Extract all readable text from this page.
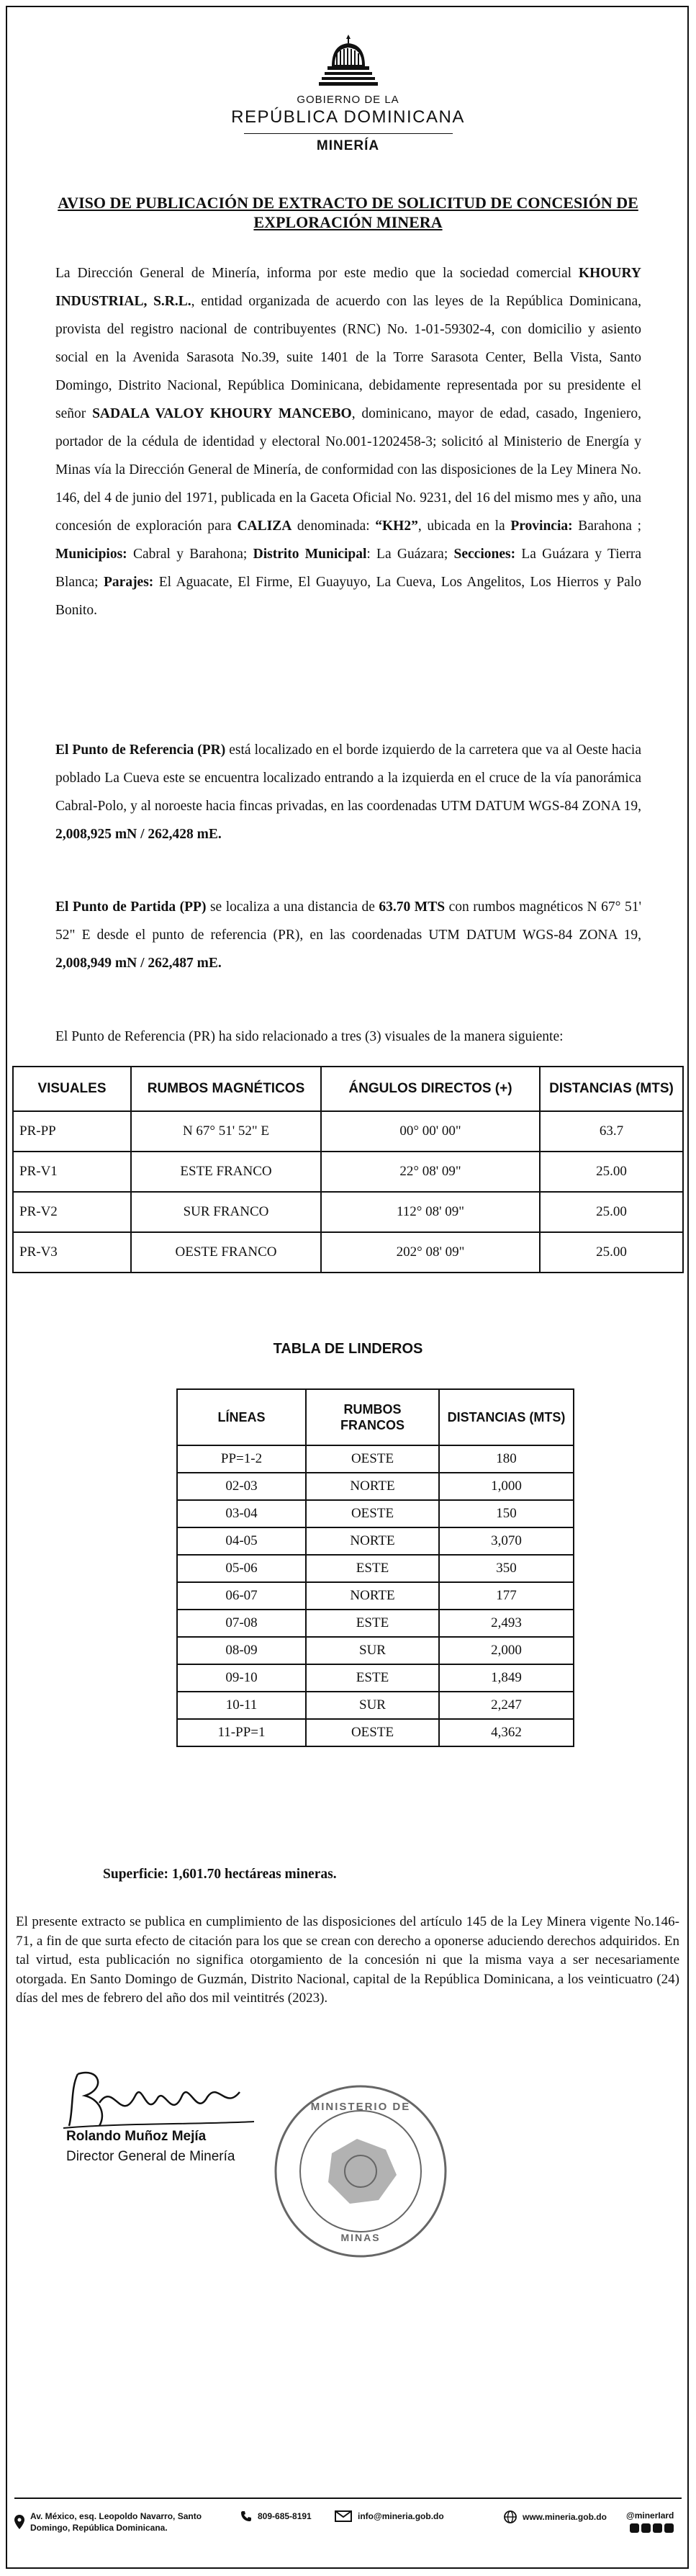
GOBIERNO DE LA
REPÚBLICA DOMINICANA
MINERÍA
AVISO DE PUBLICACIÓN DE EXTRACTO DE SOLICITUD DE CONCESIÓN DE
EXPLORACIÓN MINERA
La Dirección General de Minería, informa por este medio que la sociedad comercial KHOURY INDUSTRIAL, S.R.L., entidad organizada de acuerdo con las leyes de la República Dominicana, provista del registro nacional de contribuyentes (RNC) No. 1-01-59302-4, con domicilio y asiento social en la Avenida Sarasota No.39, suite 1401 de la Torre Sarasota Center, Bella Vista, Santo Domingo, Distrito Nacional, República Dominicana, debidamente representada por su presidente el señor SADALA VALOY KHOURY MANCEBO, dominicano, mayor de edad, casado, Ingeniero, portador de la cédula de identidad y electoral No.001-1202458-3; solicitó al Ministerio de Energía y Minas vía la Dirección General de Minería, de conformidad con las disposiciones de la Ley Minera No. 146, del 4 de junio del 1971, publicada en la Gaceta Oficial No. 9231, del 16 del mismo mes y año, una concesión de exploración para CALIZA denominada: “KH2”, ubicada en la Provincia: Barahona ; Municipios: Cabral y Barahona; Distrito Municipal: La Guázara; Secciones: La Guázara y Tierra Blanca; Parajes: El Aguacate, El Firme, El Guayuyo, La Cueva, Los Angelitos, Los Hierros y Palo Bonito.
El Punto de Referencia (PR) está localizado en el borde izquierdo de la carretera que va al Oeste hacia poblado La Cueva este se encuentra localizado entrando a la izquierda en el cruce de la vía panorámica Cabral-Polo, y al noroeste hacia fincas privadas, en las coordenadas UTM DATUM WGS-84 ZONA 19, 2,008,925 mN / 262,428 mE.
El Punto de Partida (PP) se localiza a una distancia de 63.70 MTS con rumbos magnéticos N 67° 51' 52" E desde el punto de referencia (PR), en las coordenadas UTM DATUM WGS-84 ZONA 19, 2,008,949 mN / 262,487 mE.
El Punto de Referencia (PR) ha sido relacionado a tres (3) visuales de la manera siguiente:
VISUALES	RUMBOS MAGNÉTICOS	ÁNGULOS DIRECTOS (+)	DISTANCIAS (MTS)
PR-PP	N 67° 51' 52" E	00° 00' 00"	63.7
PR-V1	ESTE FRANCO	22° 08' 09"	25.00
PR-V2	SUR FRANCO	112° 08' 09"	25.00
PR-V3	OESTE FRANCO	202° 08' 09"	25.00
TABLA DE LINDEROS
LÍNEAS	RUMBOS FRANCOS	DISTANCIAS (MTS)
PP=1-2	OESTE	180
02-03	NORTE	1,000
03-04	OESTE	150
04-05	NORTE	3,070
05-06	ESTE	350
06-07	NORTE	177
07-08	ESTE	2,493
08-09	SUR	2,000
09-10	ESTE	1,849
10-11	SUR	2,247
11-PP=1	OESTE	4,362
Superficie: 1,601.70 hectáreas mineras.
El presente extracto se publica en cumplimiento de las disposiciones del artículo 145 de la Ley Minera vigente No.146-71, a fin de que surta efecto de citación para los que se crean con derecho a oponerse aduciendo derechos adquiridos. En tal virtud, esta publicación no significa otorgamiento de la concesión ni que la misma vaya a ser necesariamente otorgada. En Santo Domingo de Guzmán, Distrito Nacional, capital de la República Dominicana, a los veinticuatro (24) días del mes de febrero del año dos mil veintitrés (2023).
Rolando Muñoz Mejía
Director General de Minería
MINISTERIO DE
MINAS
Av. México, esq. Leopoldo Navarro, Santo Domingo, República Dominicana.
809-685-8191	info@mineria.gob.do	www.mineria.gob.do @minerIard
